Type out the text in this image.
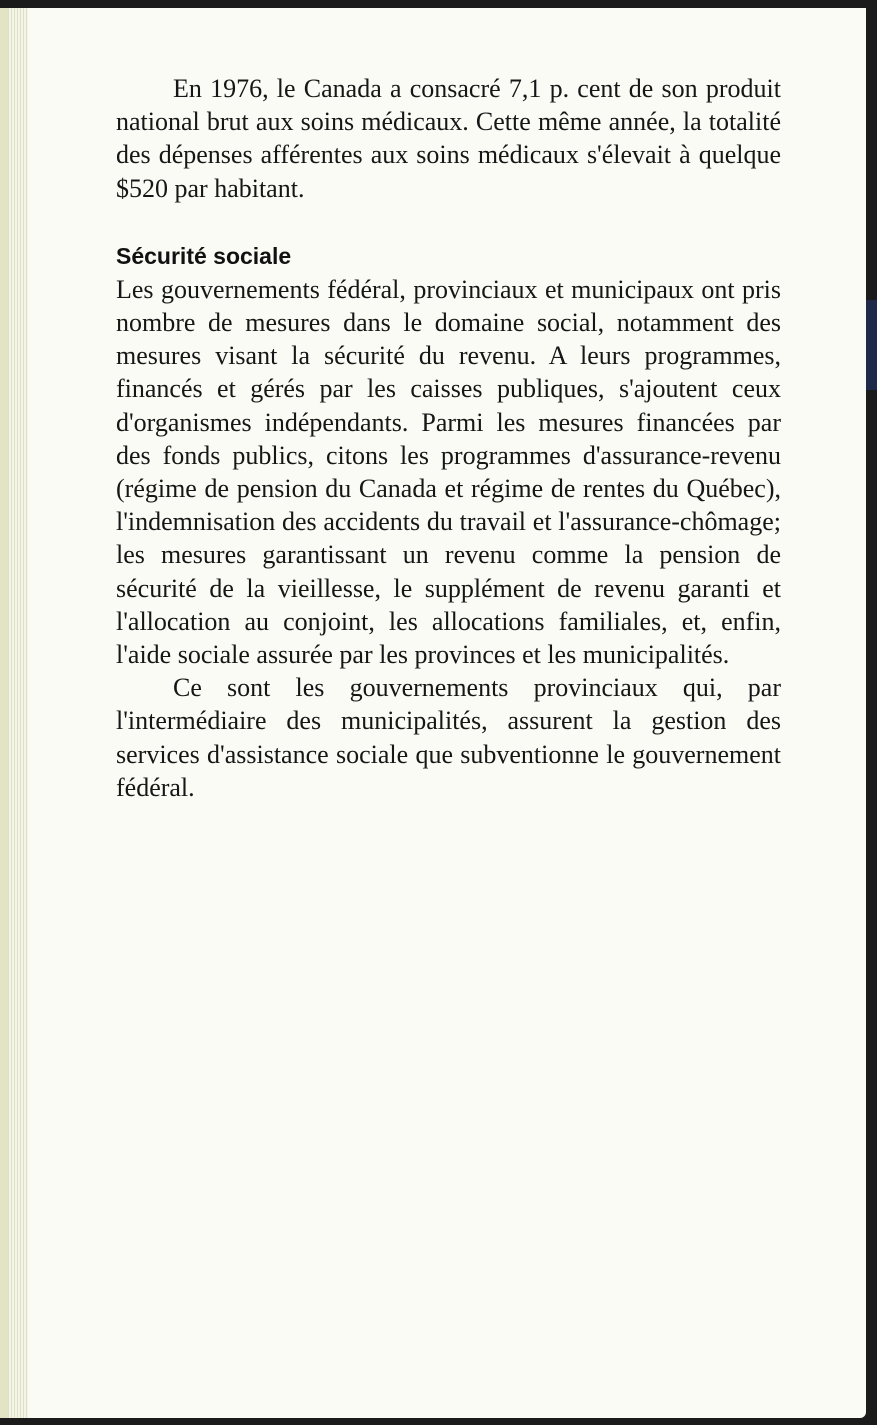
En 1976, le Canada a consacré 7,1 p. cent de son produit national brut aux soins médicaux. Cette même année, la totalité des dépenses afférentes aux soins médicaux s'élevait à quelque $520 par habitant.

Sécurité sociale

Les gouvernements fédéral, provinciaux et municipaux ont pris nombre de mesures dans le domaine social, notamment des mesures visant la sécurité du revenu. A leurs programmes, financés et gérés par les caisses publiques, s'ajoutent ceux d'organismes indépendants. Parmi les mesures financées par des fonds publics, citons les programmes d'assurance-revenu (régime de pension du Canada et régime de rentes du Québec), l'indemnisation des accidents du travail et l'assurance-chômage; les mesures garantissant un revenu comme la pension de sécurité de la vieillesse, le supplément de revenu garanti et l'allocation au conjoint, les allocations familiales, et, enfin, l'aide sociale assurée par les provinces et les municipalités.

Ce sont les gouvernements provinciaux qui, par l'intermédiaire des municipalités, assurent la gestion des services d'assistance sociale que subventionne le gouvernement fédéral.
